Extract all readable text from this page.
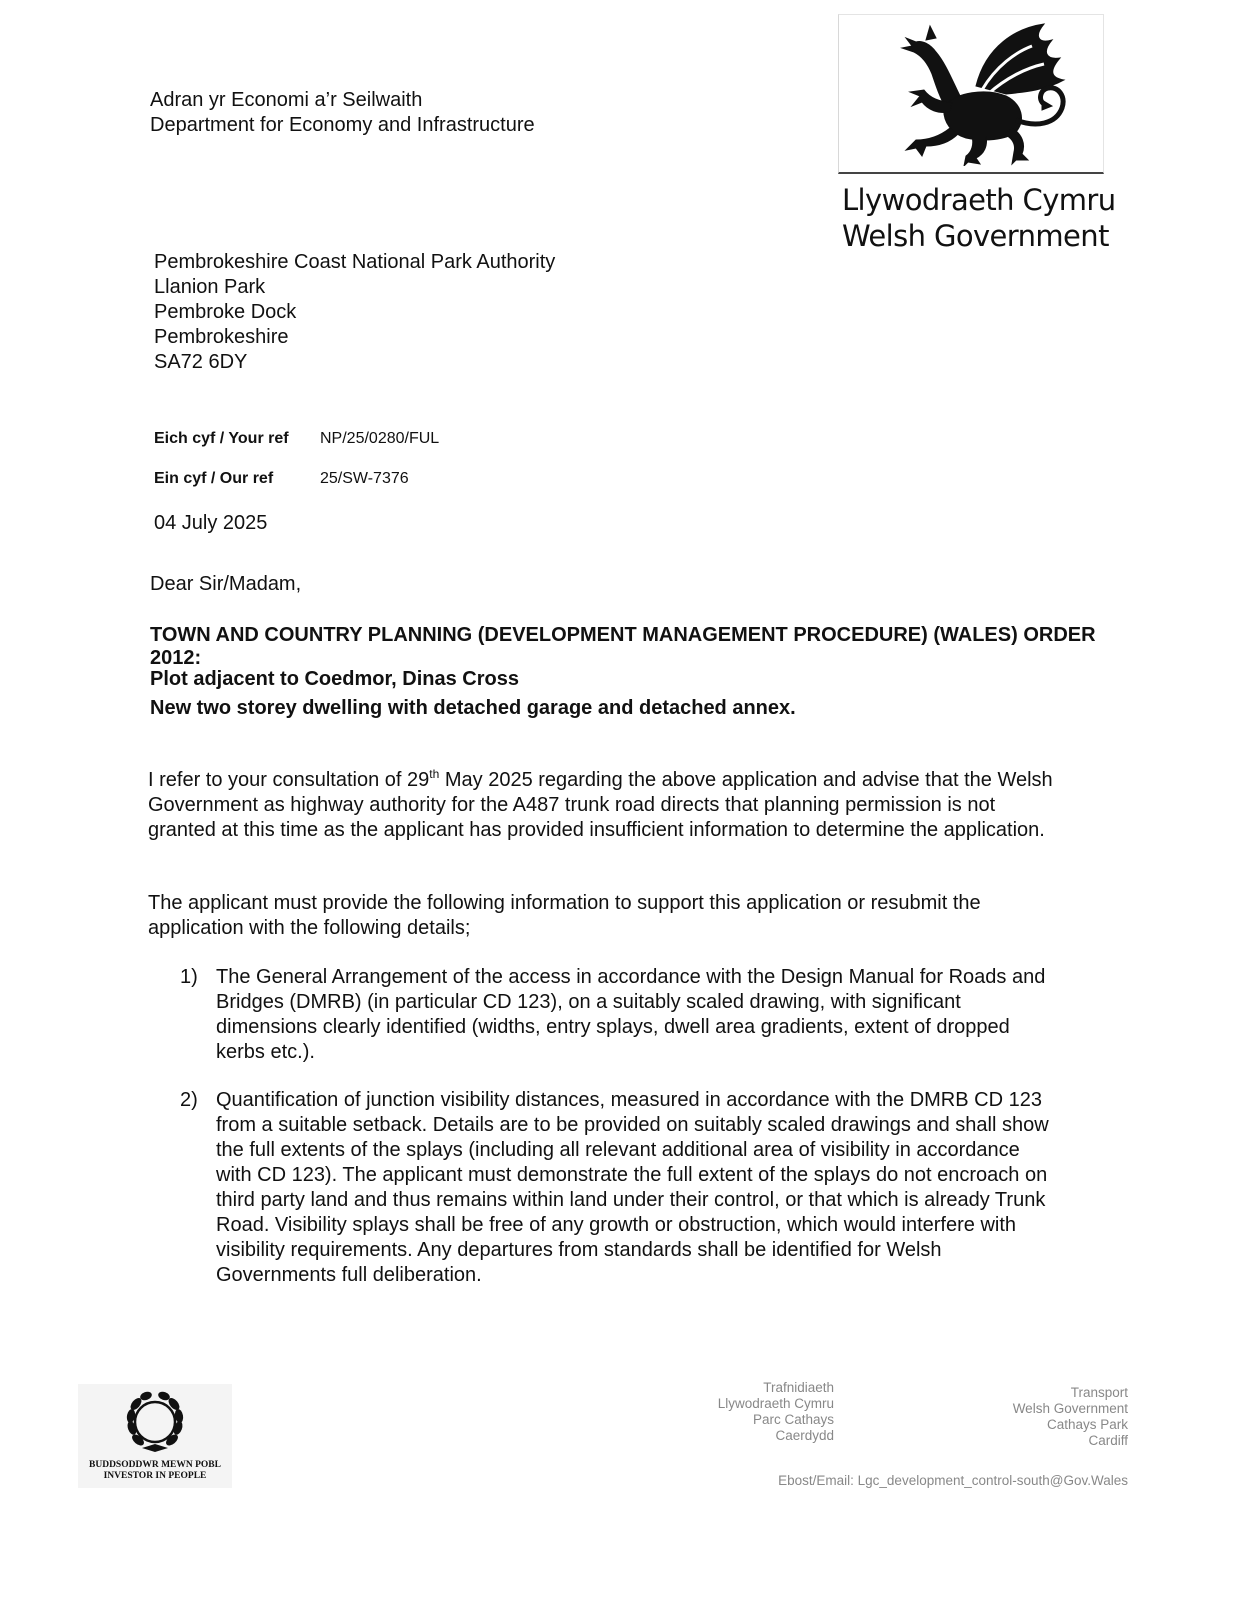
Adran yr Economi a’r Seilwaith
Department for Economy and Infrastructure
Llywodraeth Cymru
Welsh Government
Pembrokeshire Coast National Park Authority
Llanion Park
Pembroke Dock
Pembrokeshire
SA72 6DY
Eich cyf / Your ref NP/25/0280/FUL
Ein cyf / Our ref	25/SW-7376
04 July 2025
Dear Sir/Madam,
TOWN AND COUNTRY PLANNING (DEVELOPMENT MANAGEMENT PROCEDURE) (WALES) ORDER 2012:
Plot adjacent to Coedmor, Dinas Cross
New two storey dwelling with detached garage and detached annex.
I refer to your consultation of 29th May 2025 regarding the above application and advise that the Welsh Government as highway authority for the A487 trunk road directs that planning permission is not granted at this time as the applicant has provided insufficient information to determine the application.
The applicant must provide the following information to support this application or resubmit the application with the following details;
1) The General Arrangement of the access in accordance with the Design Manual for Roads and Bridges (DMRB) (in particular CD 123), on a suitably scaled drawing, with significant dimensions clearly identified (widths, entry splays, dwell area gradients, extent of dropped kerbs etc.).
2) Quantification of junction visibility distances, measured in accordance with the DMRB CD 123 from a suitable setback. Details are to be provided on suitably scaled drawings and shall show the full extents of the splays (including all relevant additional area of visibility in accordance with CD 123). The applicant must demonstrate the full extent of the splays do not encroach on third party land and thus remains within land under their control, or that which is already Trunk Road. Visibility splays shall be free of any growth or obstruction, which would interfere with visibility requirements. Any departures from standards shall be identified for Welsh Governments full deliberation.
BUDDSODDWR MEWN POBL
INVESTOR IN PEOPLE
Trafnidiaeth
Llywodraeth Cymru
Parc Cathays
Caerdydd
Transport
Welsh Government
Cathays Park
Cardiff
Ebost/Email: Lgc_development_control-south@Gov.Wales
